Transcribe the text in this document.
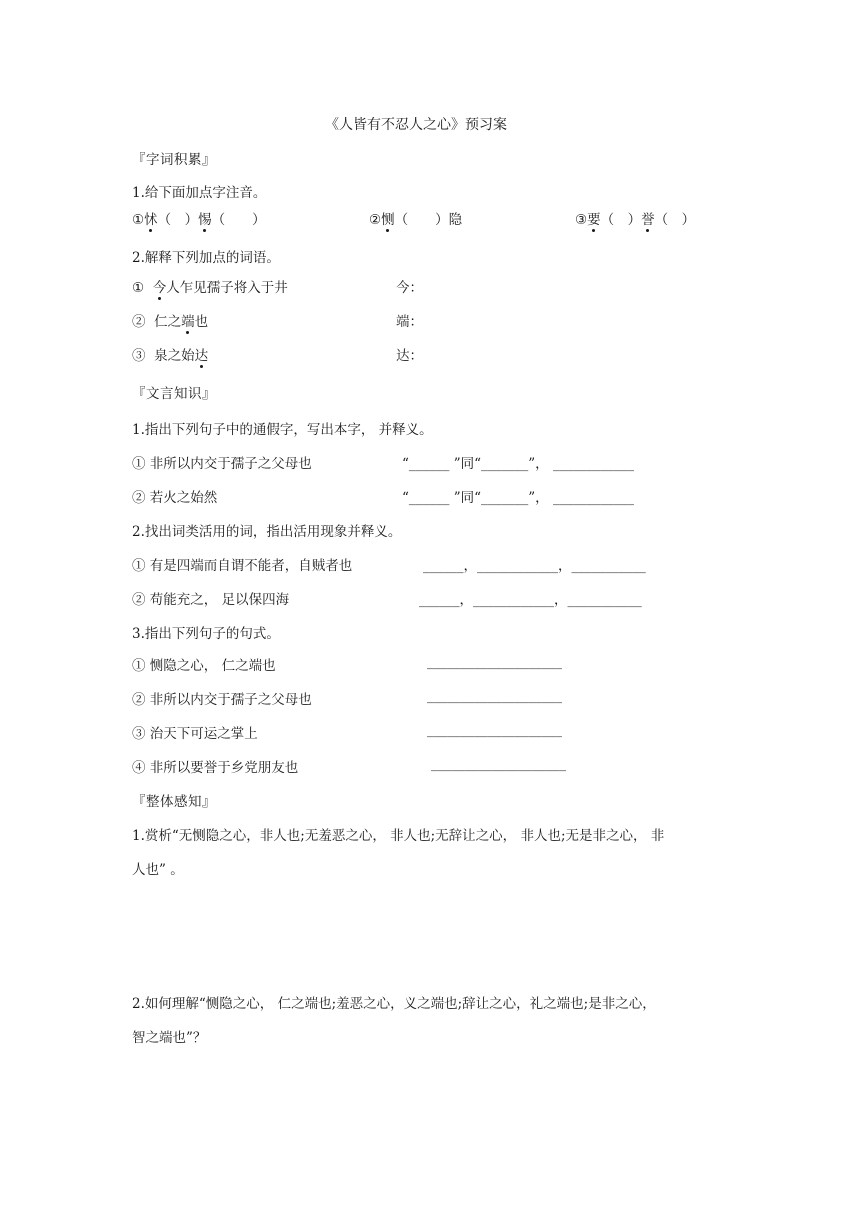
《人皆有不忍人之心》预习案
『字词积累』
1.给下面加点字注音。
①怵（　）惕（　　）	②恻（　　）隐	③要（　）誉（　）
2.解释下列加点的词语。
① 今人乍见孺子将入于井	今：
② 仁之端也	端：
③ 泉之始达	达：
『文言知识』
1.指出下列句子中的通假字，写出本字， 并释义。
① 非所以内交于孺子之父母也	“______ ”同“_______”， ____________
② 若火之始然	“______ ”同“_______”， ____________
2.找出词类活用的词，指出活用现象并释义。
① 有是四端而自谓不能者，自贼者也	______，____________，___________
② 苟能充之， 足以保四海	______，____________，___________
3.指出下列句子的句式。
① 恻隐之心， 仁之端也	____________________
② 非所以内交于孺子之父母也	____________________
③ 治天下可运之掌上	____________________
④ 非所以要誉于乡党朋友也	____________________
『整体感知』
1.赏析“无恻隐之心，非人也;无羞恶之心， 非人也;无辞让之心， 非人也;无是非之心， 非
人也” 。
2.如何理解“恻隐之心， 仁之端也;羞恶之心，义之端也;辞让之心，礼之端也;是非之心，
智之端也”？
